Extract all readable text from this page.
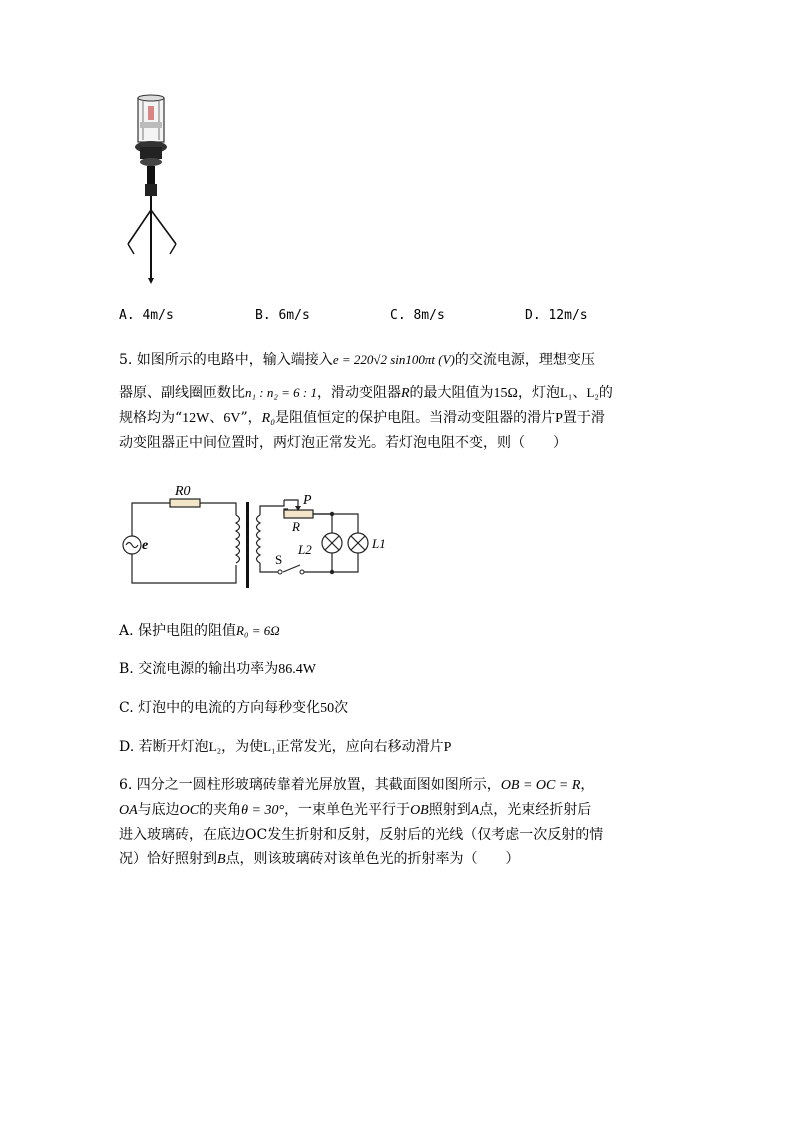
A. 4m/s	B. 6m/s	C. 8m/s	D. 12m/s
5. 如图所示的电路中，输入端接入e = 220√2 sin100πt (V)的交流电源，理想变压
器原、副线圈匝数比n₁ : n₂ = 6 : 1，滑动变阻器R的最大阻值为15Ω，灯泡L₁、L₂的
规格均为“12W、6V”，R₀是阻值恒定的保护电阻。当滑动变阻器的滑片P置于滑
动变阻器正中间位置时，两灯泡正常发光。若灯泡电阻不变，则（　　）
R0
e
P
R
S
L2	L1
A. 保护电阻的阻值R₀ = 6Ω
B. 交流电源的输出功率为86.4W
C. 灯泡中的电流的方向每秒变化50次
D. 若断开灯泡L₂，为使L₁正常发光，应向右移动滑片P
6. 四分之一圆柱形玻璃砖靠着光屏放置，其截面图如图所示，OB = OC = R，
OA与底边OC的夹角θ = 30°，一束单色光平行于OB照射到A点，光束经折射后
进入玻璃砖，在底边OC发生折射和反射，反射后的光线（仅考虑一次反射的情
况）恰好照射到B点，则该玻璃砖对该单色光的折射率为（　　）
